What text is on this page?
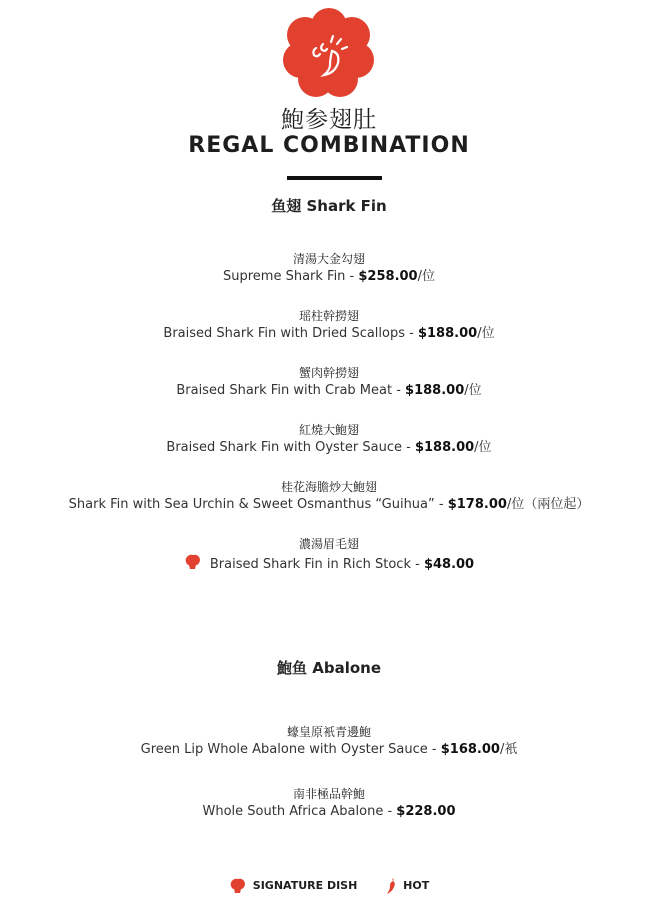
鮑参翅肚
REGAL COMBINATION
鱼翅 Shark Fin
清湯大金勾翅
Supreme Shark Fin - $258.00/位
瑶柱幹撈翅
Braised Shark Fin with Dried Scallops - $188.00/位
蟹肉幹撈翅
Braised Shark Fin with Crab Meat - $188.00/位
紅燒大鮑翅
Braised Shark Fin with Oyster Sauce - $188.00/位
桂花海膽炒大鮑翅
Shark Fin with Sea Urchin & Sweet Osmanthus “Guihua” - $178.00/位（兩位起）
濃湯眉毛翅
Braised Shark Fin in Rich Stock - $48.00
鮑鱼 Abalone
蠔皇原衹青邊鮑
Green Lip Whole Abalone with Oyster Sauce - $168.00/衹
南非極品幹鮑
Whole South Africa Abalone - $228.00
SIGNATURE DISH	HOT
